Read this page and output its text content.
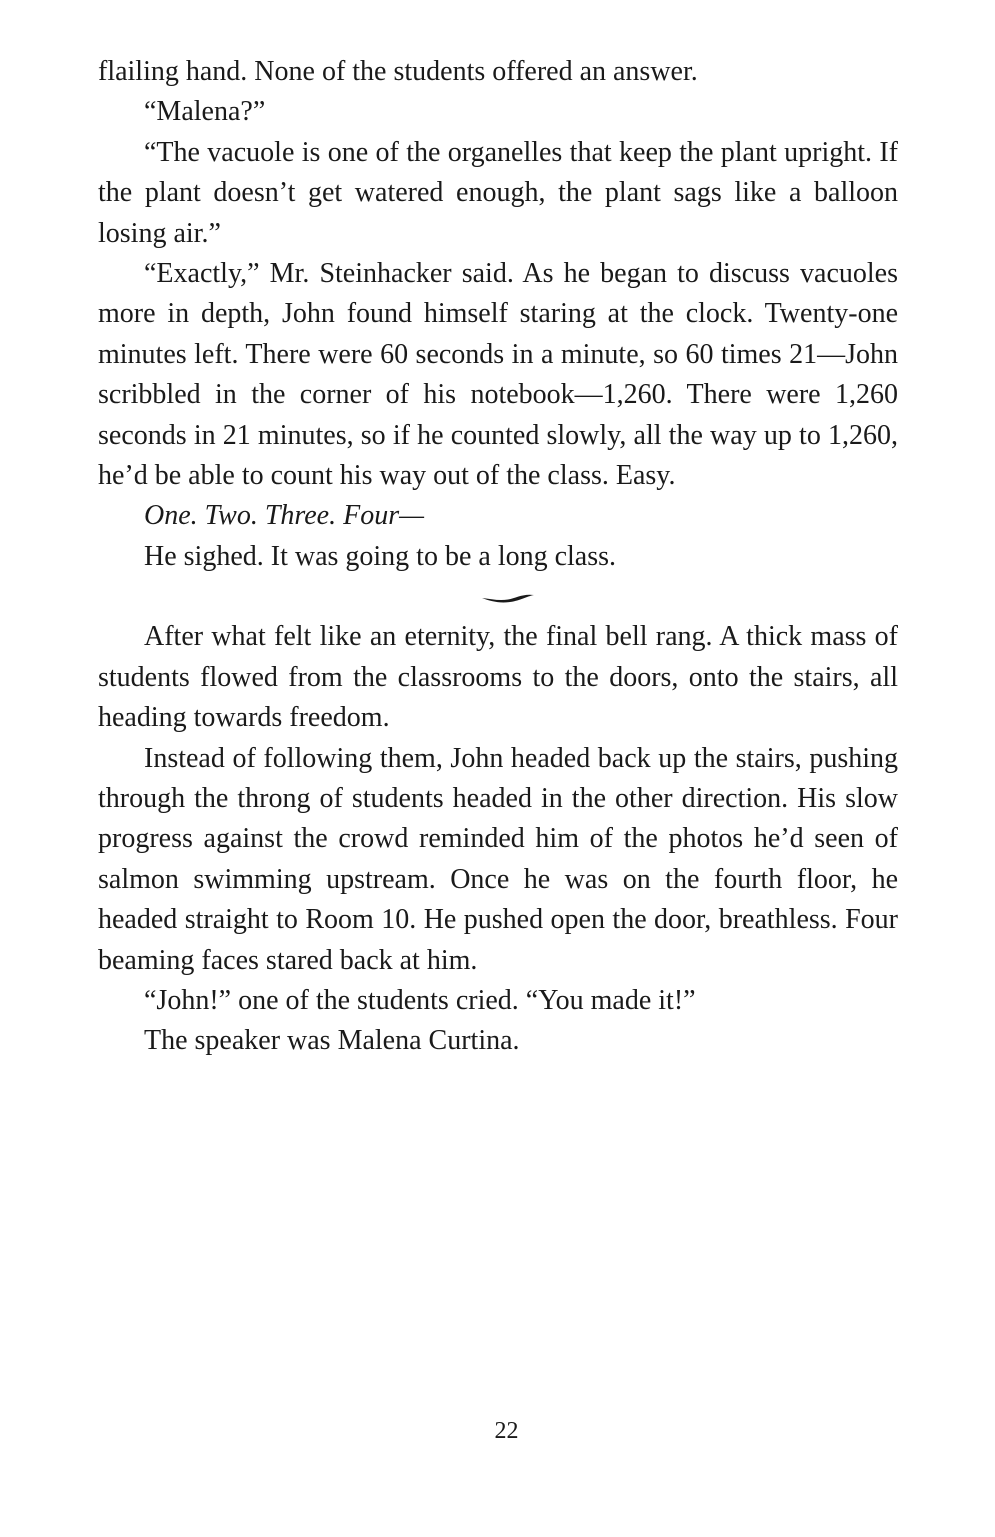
flailing hand. None of the students offered an answer.

“Malena?”

“The vacuole is one of the organelles that keep the plant upright. If the plant doesn’t get watered enough, the plant sags like a balloon losing air.”

“Exactly,” Mr. Steinhacker said. As he began to discuss vacuoles more in depth, John found himself staring at the clock. Twenty-one minutes left. There were 60 seconds in a minute, so 60 times 21—John scribbled in the corner of his notebook—1,260. There were 1,260 seconds in 21 minutes, so if he counted slowly, all the way up to 1,260, he’d be able to count his way out of the class. Easy.

One. Two. Three. Four—

He sighed. It was going to be a long class.

After what felt like an eternity, the final bell rang. A thick mass of students flowed from the classrooms to the doors, onto the stairs, all heading towards freedom.

Instead of following them, John headed back up the stairs, pushing through the throng of students headed in the other direction. His slow progress against the crowd reminded him of the photos he’d seen of salmon swimming upstream. Once he was on the fourth floor, he headed straight to Room 10. He pushed open the door, breathless. Four beaming faces stared back at him.

“John!” one of the students cried. “You made it!”

The speaker was Malena Curtina.

22
